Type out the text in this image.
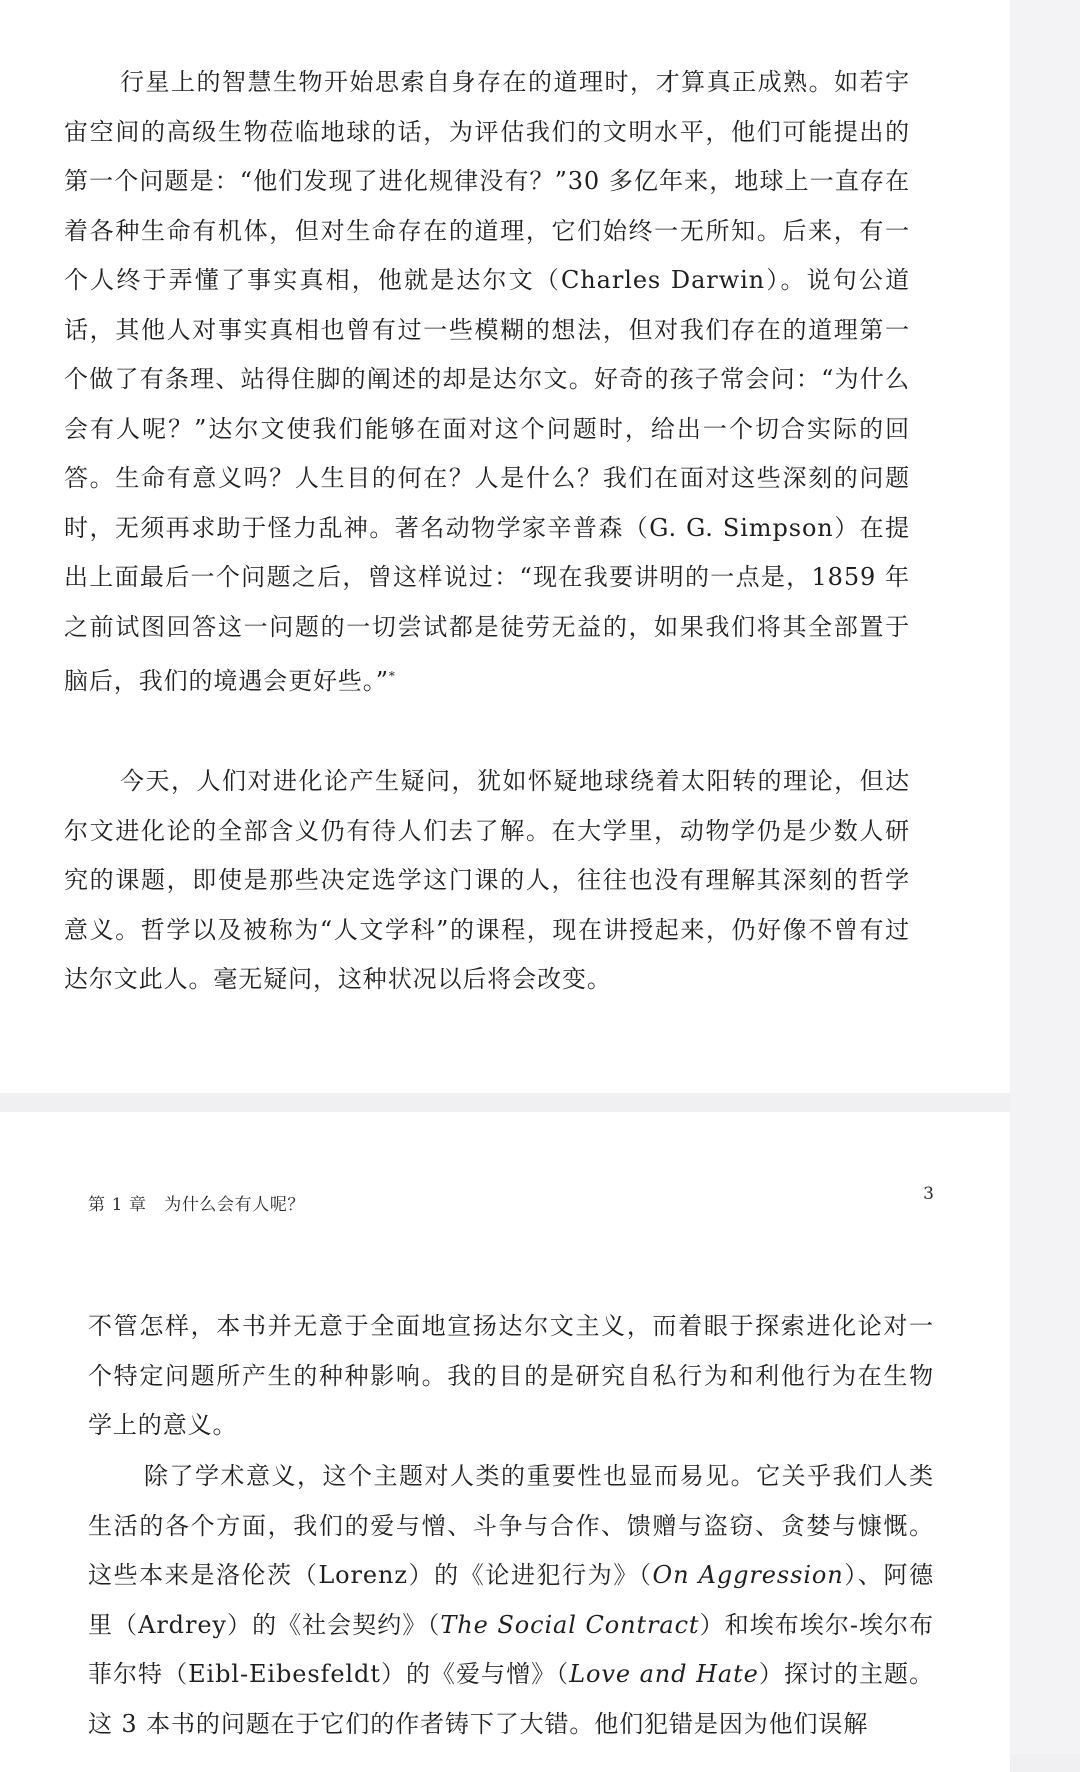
行星上的智慧生物开始思索自身存在的道理时，才算真正成熟。如若宇宙空间的高级生物莅临地球的话，为评估我们的文明水平，他们可能提出的第一个问题是：“他们发现了进化规律没有？”30 多亿年来，地球上一直存在着各种生命有机体，但对生命存在的道理，它们始终一无所知。后来，有一个人终于弄懂了事实真相，他就是达尔文（Charles Darwin）。说句公道话，其他人对事实真相也曾有过一些模糊的想法，但对我们存在的道理第一个做了有条理、站得住脚的阐述的却是达尔文。好奇的孩子常会问：“为什么会有人呢？”达尔文使我们能够在面对这个问题时，给出一个切合实际的回答。生命有意义吗？人生目的何在？人是什么？我们在面对这些深刻的问题时，无须再求助于怪力乱神。著名动物学家辛普森（G. G. Simpson）在提出上面最后一个问题之后，曾这样说过：“现在我要讲明的一点是，1859 年之前试图回答这一问题的一切尝试都是徒劳无益的，如果我们将其全部置于脑后，我们的境遇会更好些。”*

今天，人们对进化论产生疑问，犹如怀疑地球绕着太阳转的理论，但达尔文进化论的全部含义仍有待人们去了解。在大学里，动物学仍是少数人研究的课题，即使是那些决定选学这门课的人，往往也没有理解其深刻的哲学意义。哲学以及被称为“人文学科”的课程，现在讲授起来，仍好像不曾有过达尔文此人。毫无疑问，这种状况以后将会改变。

第 1 章　为什么会有人呢？
3

不管怎样，本书并无意于全面地宣扬达尔文主义，而着眼于探索进化论对一个特定问题所产生的种种影响。我的目的是研究自私行为和利他行为在生物学上的意义。

除了学术意义，这个主题对人类的重要性也显而易见。它关乎我们人类生活的各个方面，我们的爱与憎、斗争与合作、馈赠与盗窃、贪婪与慷慨。这些本来是洛伦茨（Lorenz）的《论进犯行为》（On Aggression）、阿德里（Ardrey）的《社会契约》（The Social Contract）和埃布埃尔-埃尔布菲尔特（Eibl-Eibesfeldt）的《爱与憎》（Love and Hate）探讨的主题。这 3 本书的问题在于它们的作者铸下了大错。他们犯错是因为他们误解
